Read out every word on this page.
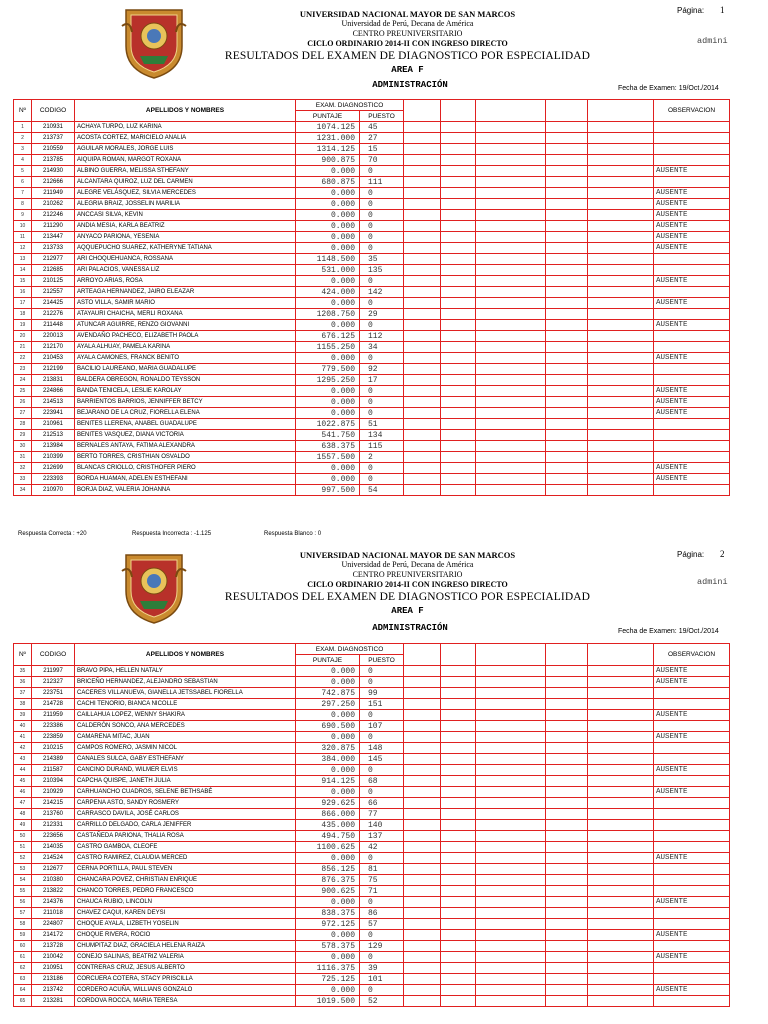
UNIVERSIDAD NACIONAL MAYOR DE SAN MARCOS
Universidad de Perú, Decana de América
CENTRO PREUNIVERSITARIO
CICLO ORDINARIO 2014-II CON INGRESO DIRECTO
RESULTADOS DEL EXAMEN DE DIAGNOSTICO POR ESPECIALIDAD
AREA F
ADMINISTRACIÓN
Página: 1
admini
Fecha de Examen: 19/Oct./2014
Nº	CODIGO	APELLIDOS Y NOMBRES	EXAM. DIAGNOSTICO							OBSERVACION
			PUNTAJE	PUESTO						
1	210931	ACHAYA TURPO, LUZ KARINA	1074.125	45						
2	213737	ACOSTA CORTEZ, MARICIELO ANALIA	1231.000	27						
3	210559	AGUILAR MORALES, JORGE LUIS	1314.125	15						
4	213785	AIQUIPA ROMAN, MARGOT ROXANA	900.875	70						
5	214930	ALBINO GUERRA, MELISSA STHEFANY	0.000	0						AUSENTE
6	212666	ALCANTARA QUIROZ, LUZ DEL CARMEN	680.875	111						
7	211949	ALEGRE VELÁSQUEZ, SILVIA MERCEDES	0.000	0						AUSENTE
8	210262	ALEGRIA BRAIZ, JOSSELIN MARILIA	0.000	0						AUSENTE
9	212246	ANCCASI SILVA, KEVIN	0.000	0						AUSENTE
10	211290	ANDIA MESIA, KARLA BEATRIZ	0.000	0						AUSENTE
11	213447	ANYACO PARIONA, YESENIA	0.000	0						AUSENTE
12	213733	AQQUEPUCHO SUAREZ, KATHERYNE TATIANA	0.000	0						AUSENTE
13	212977	ARI CHOQUEHUANCA, ROSSANA	1148.500	35						
14	212685	ARI PALACIOS, VANESSA LIZ	531.000	135						
15	210125	ARROYO ARIAS, ROSA	0.000	0						AUSENTE
16	212557	ARTEAGA HERNANDEZ, JAIRO ELEAZAR	424.000	142						
17	214425	ASTO VILLA, SAMIR MARIO	0.000	0						AUSENTE
18	212276	ATAYAURI CHAICHA, MERLI ROXANA	1208.750	29						
19	211448	ATUNCAR AGUIRRE, RENZO GIOVANNI	0.000	0						AUSENTE
20	220013	AVENDAÑO PACHECO, ELIZABETH PAOLA	676.125	112						
21	212170	AYALA ALHUAY, PAMELA KARINA	1155.250	34						
22	210453	AYALA CAMONES, FRANCK BENITO	0.000	0						AUSENTE
23	212199	BACILIO LAUREANO, MARIA GUADALUPE	779.500	92						
24	213831	BALDERA OBREGON, RONALDO TEYSSON	1295.250	17						
25	224866	BANDA TENICELA, LESLIE KAROLAY	0.000	0						AUSENTE
26	214513	BARRIENTOS BARRIOS, JENNIFFER BETCY	0.000	0						AUSENTE
27	223941	BEJARANO DE LA CRUZ, FIORELLA ELENA	0.000	0						AUSENTE
28	210961	BENITES LLERENA, ANABEL GUADALUPE	1022.875	51						
29	212513	BENITES VASQUEZ, DIANA VICTORIA	541.750	134						
30	213984	BERNALES ANTAYA, FATIMA ALEXANDRA	638.375	115						
31	210399	BERTO TORRES, CRISTHIAN OSVALDO	1557.500	2						
32	212699	BLANCAS CRIOLLO, CRISTHOFER PIERO	0.000	0						AUSENTE
33	223393	BORDA HUAMAN, ADELEN ESTHEFANI	0.000	0						AUSENTE
34	210970	BORJA DIAZ, VALERIA JOHANNA	997.500	54						
Respuesta Correcta : +20	Respuesta Incorrecta : -1.125	Respuesta Blanco : 0
UNIVERSIDAD NACIONAL MAYOR DE SAN MARCOS
Universidad de Perú, Decana de América
CENTRO PREUNIVERSITARIO
CICLO ORDINARIO 2014-II CON INGRESO DIRECTO
RESULTADOS DEL EXAMEN DE DIAGNOSTICO POR ESPECIALIDAD
AREA F
ADMINISTRACIÓN
Página: 2
admini
Fecha de Examen: 19/Oct./2014
Nº	CODIGO	APELLIDOS Y NOMBRES	EXAM. DIAGNOSTICO							OBSERVACION
			PUNTAJE	PUESTO						
35	211997	BRAVO PIPA, HELLEN NATALY	0.000	0						AUSENTE
36	212327	BRICEÑO HERNANDEZ, ALEJANDRO SEBASTIAN	0.000	0						AUSENTE
37	223751	CACERES VILLANUEVA, GIANELLA JETSSABEL FIORELLA	742.875	99						
38	214728	CACHI TENORIO, BIANCA NICOLLE	297.250	151						
39	211959	CAILLAHUA LOPEZ, WENNY SHAKIRA	0.000	0						AUSENTE
40	223386	CALDERÓN SONCO, ANA MERCEDES	690.500	107						
41	223859	CAMARENA MITAC, JUAN	0.000	0						AUSENTE
42	210215	CAMPOS ROMERO, JASMIN NICOL	320.875	148						
43	214389	CANALES SULCA, GABY ESTHEFANY	384.000	145						
44	211587	CANCINO DURAND, WILMER ELVIS	0.000	0						AUSENTE
45	210394	CAPCHA QUISPE, JANETH JULIA	914.125	68						
46	210929	CARHUANCHO CUADROS, SELENE BETHSABÉ	0.000	0						AUSENTE
47	214215	CARPENA ASTO, SANDY ROSMERY	929.625	66						
48	213760	CARRASCO DAVILA, JOSÉ CARLOS	866.000	77						
49	212331	CARRILLO DELGADO, CARLA JENIFFER	435.000	140						
50	223656	CASTAÑEDA PARIONA, THALIA ROSA	494.750	137						
51	214035	CASTRO GAMBOA, CLEOFE	1100.625	42						
52	214524	CASTRO RAMIREZ, CLAUDIA MERCED	0.000	0						AUSENTE
53	212677	CERNA PORTILLA, PAUL STEVEN	856.125	81						
54	210380	CHANCARA POVEZ, CHRISTIAN ENRIQUE	876.375	75						
55	213822	CHANCO TORRES, PEDRO FRANCESCO	900.625	71						
56	214376	CHAUCA RUBIO, LINCOLN	0.000	0						AUSENTE
57	211018	CHAVEZ CAQUI, KAREN DEYSI	838.375	86						
58	224807	CHOQUE AYALA, LIZBETH YOSELIN	972.125	57						
59	214172	CHOQUE RIVERA, ROCIO	0.000	0						AUSENTE
60	213728	CHUMPITAZ DIAZ, GRACIELA HELENA RAIZA	578.375	129						
61	210042	CONEJO SALINAS, BEATRIZ VALERIA	0.000	0						AUSENTE
62	210951	CONTRERAS CRUZ, JESUS ALBERTO	1116.375	39						
63	213186	CORCUERA COTERA, STACY PRISCILLA	725.125	101						
64	213742	CORDERO ACUÑA, WILLIANS GONZALO	0.000	0						AUSENTE
65	213281	CORDOVA ROCCA, MARIA TERESA	1019.500	52						
